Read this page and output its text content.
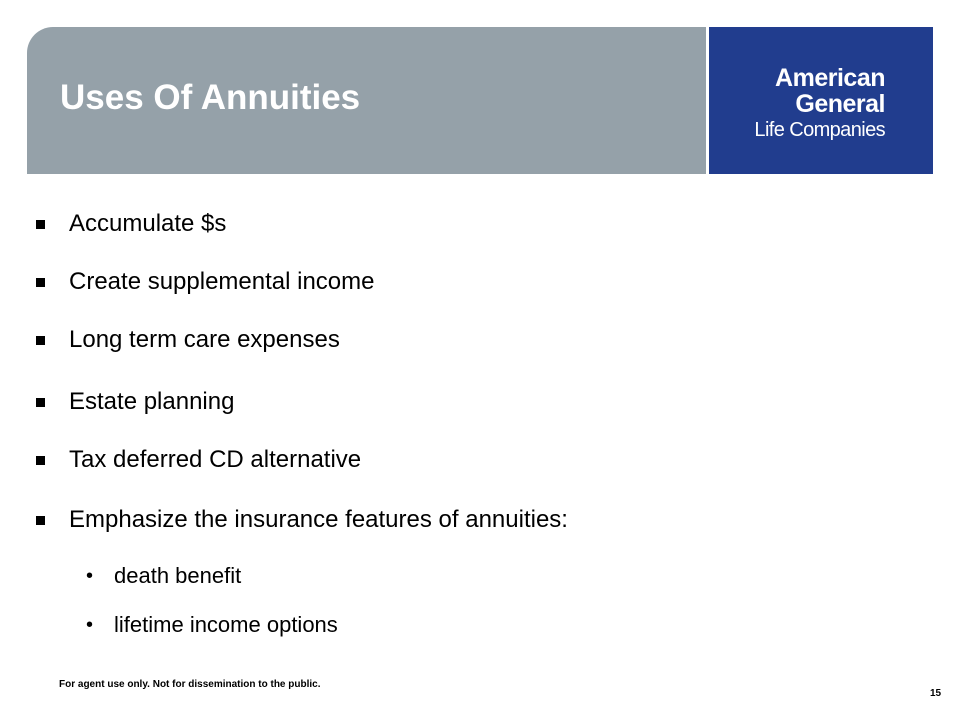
Uses Of Annuities	American
General
Life Companies
Accumulate $s
Create supplemental income
Long term care expenses
Estate planning
Tax deferred CD alternative
Emphasize the insurance features of annuities:
• death benefit
• lifetime income options
For agent use only. Not for dissemination to the public.
15
